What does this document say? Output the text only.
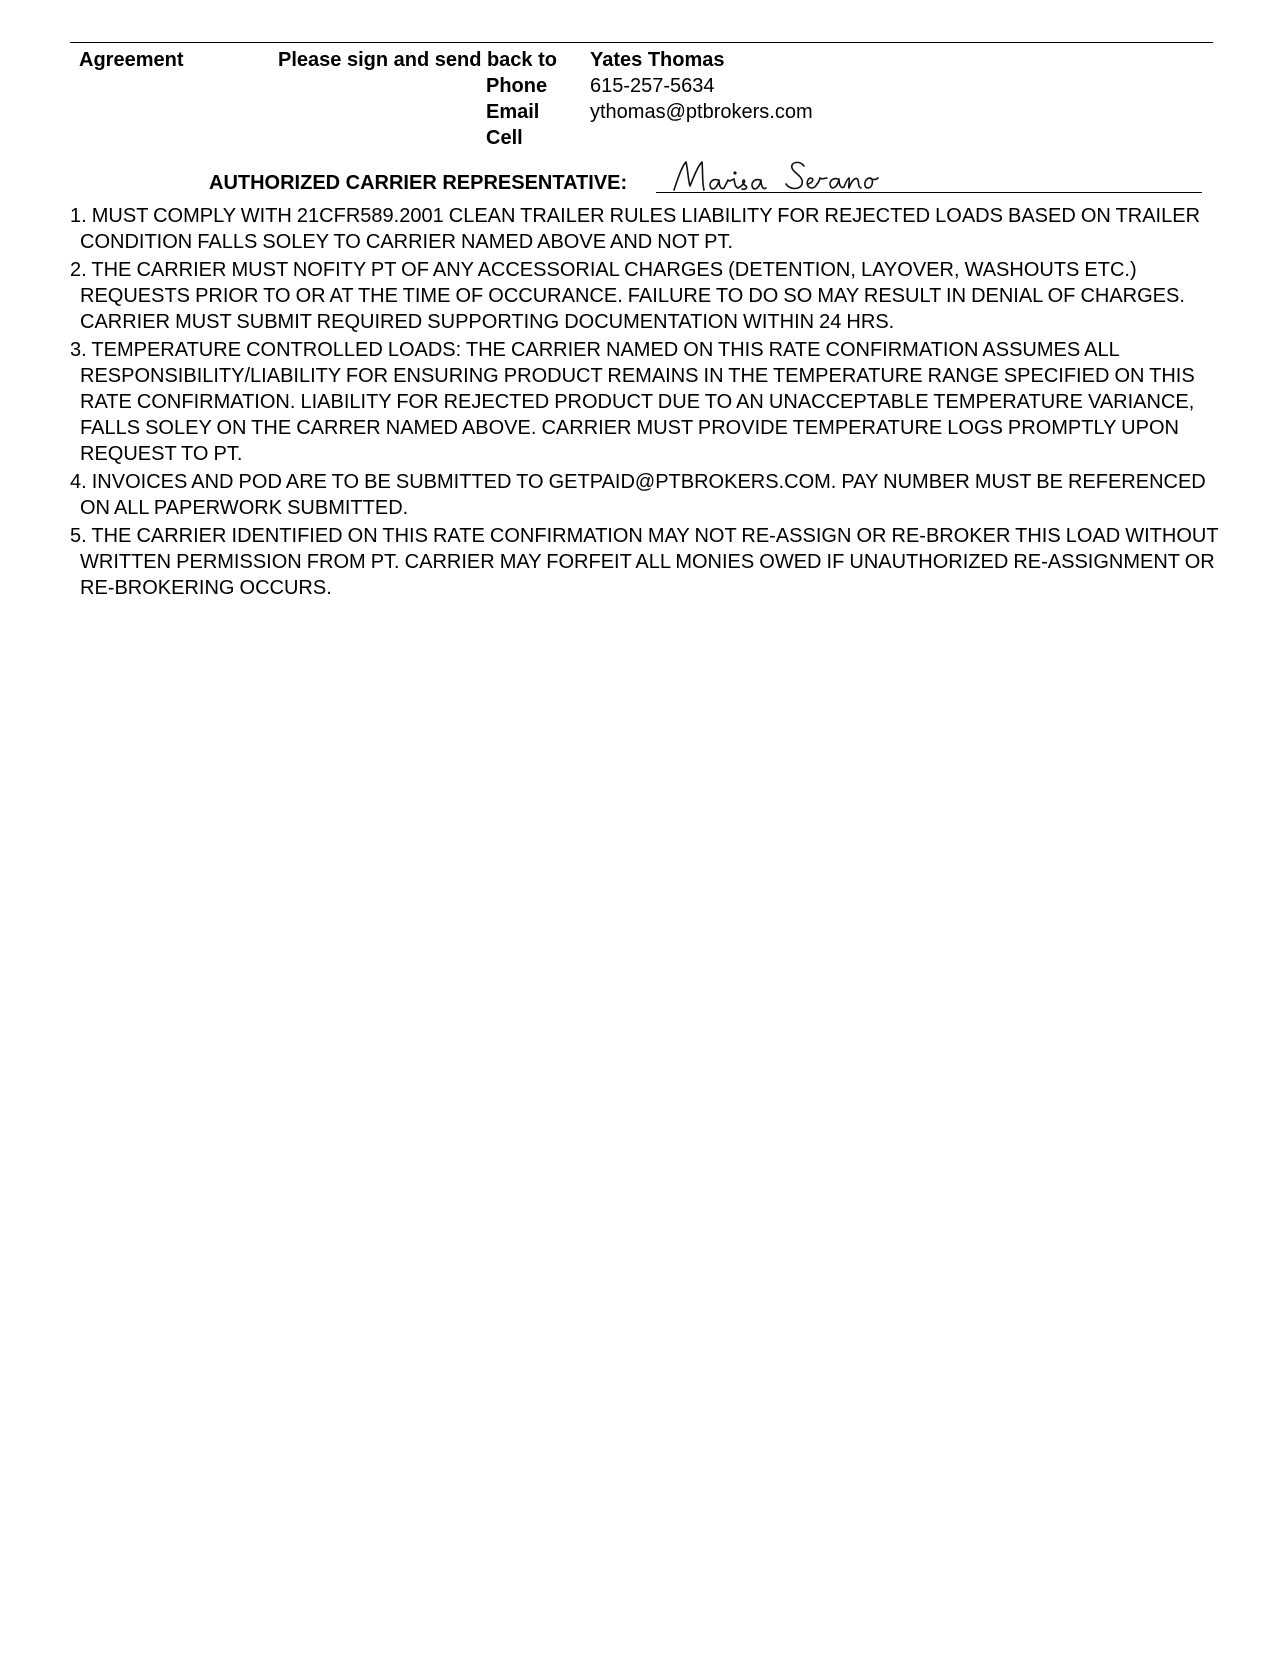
Agreement	Please sign and send back to Yates Thomas
Phone 615-257-5634
Email	ythomas@ptbrokers.com
Cell
AUTHORIZED CARRIER REPRESENTATIVE:
1. MUST COMPLY WITH 21CFR589.2001 CLEAN TRAILER RULES LIABILITY FOR REJECTED LOADS BASED ON TRAILER CONDITION FALLS SOLEY TO CARRIER NAMED ABOVE AND NOT PT.
2. THE CARRIER MUST NOFITY PT OF ANY ACCESSORIAL CHARGES (DETENTION, LAYOVER, WASHOUTS ETC.) REQUESTS PRIOR TO OR AT THE TIME OF OCCURANCE. FAILURE TO DO SO MAY RESULT IN DENIAL OF CHARGES. CARRIER MUST SUBMIT REQUIRED SUPPORTING DOCUMENTATION WITHIN 24 HRS.
3. TEMPERATURE CONTROLLED LOADS: THE CARRIER NAMED ON THIS RATE CONFIRMATION ASSUMES ALL RESPONSIBILITY/LIABILITY FOR ENSURING PRODUCT REMAINS IN THE TEMPERATURE RANGE SPECIFIED ON THIS RATE CONFIRMATION. LIABILITY FOR REJECTED PRODUCT DUE TO AN UNACCEPTABLE TEMPERATURE VARIANCE, FALLS SOLEY ON THE CARRER NAMED ABOVE. CARRIER MUST PROVIDE TEMPERATURE LOGS PROMPTLY UPON REQUEST TO PT.
4. INVOICES AND POD ARE TO BE SUBMITTED TO GETPAID@PTBROKERS.COM. PAY NUMBER MUST BE REFERENCED ON ALL PAPERWORK SUBMITTED.
5. THE CARRIER IDENTIFIED ON THIS RATE CONFIRMATION MAY NOT RE-ASSIGN OR RE-BROKER THIS LOAD WITHOUT WRITTEN PERMISSION FROM PT. CARRIER MAY FORFEIT ALL MONIES OWED IF UNAUTHORIZED RE-ASSIGNMENT OR RE-BROKERING OCCURS.
